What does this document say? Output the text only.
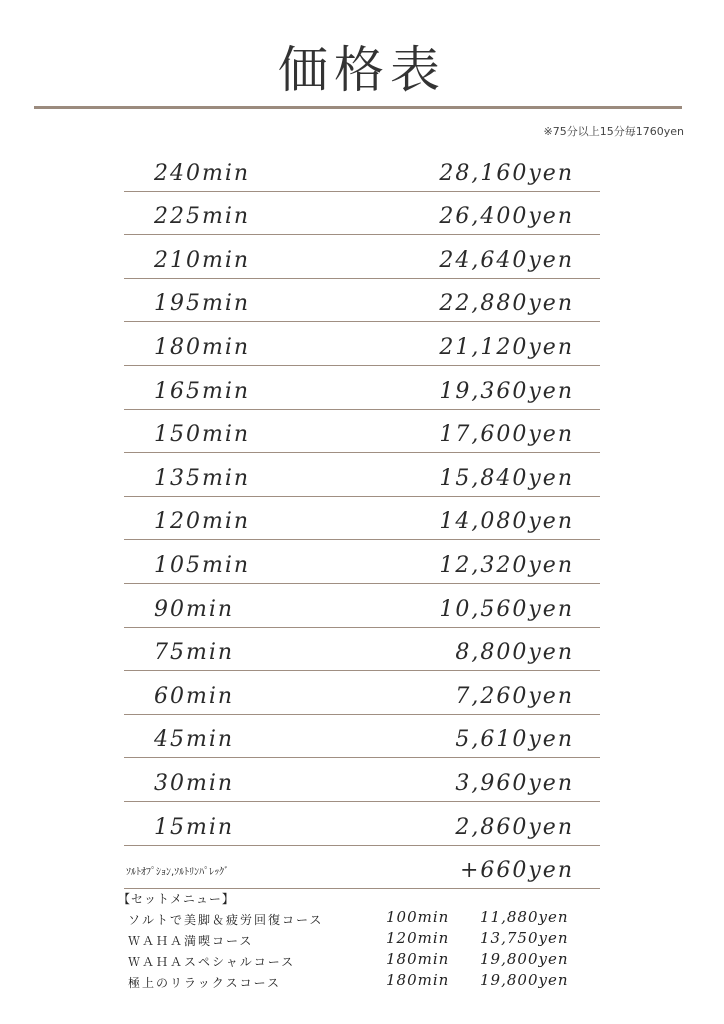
価格表
※75分以上15分毎1760yen
240min	28,160yen
225min	26,400yen
210min	24,640yen
195min	22,880yen
180min	21,120yen
165min	19,360yen
150min	17,600yen
135min	15,840yen
120min	14,080yen
105min	12,320yen
90min	10,560yen
75min	8,800yen
60min	7,260yen
45min	5,610yen
30min	3,960yen
15min	2,860yen
ｿﾙﾄｵﾌﾟｼｮﾝ,ｿﾙﾄﾘﾝﾊﾟﾚｯｸﾞ	+660yen
【セットメニュー】
ソルトで美脚＆疲労回復コース	100min 11,880yen
ＷＡＨＡ満喫コース	120min 13,750yen
ＷＡＨＡスペシャルコース	180min 19,800yen
極上のリラックスコース	180min 19,800yen
